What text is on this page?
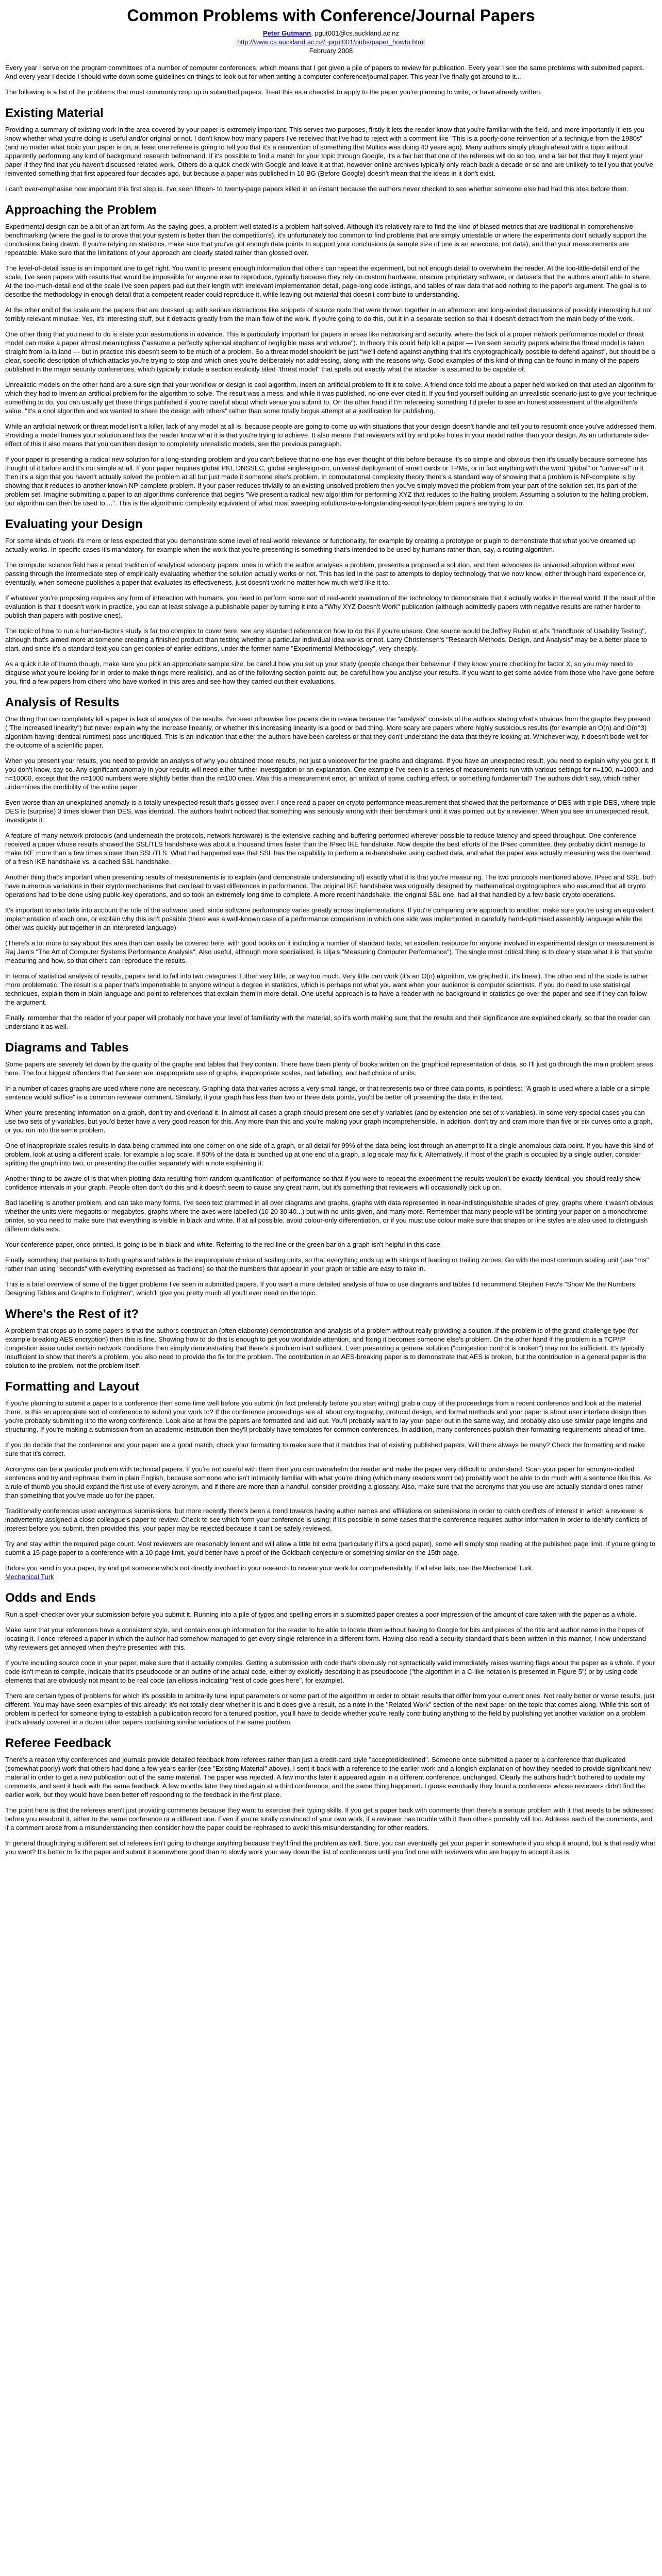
Common Problems with Conference/Journal Papers
Peter Gutmann, pgut001@cs.auckland.ac.nz
http://www.cs.auckland.ac.nz/~pgut001/pubs/paper_howto.html
February 2008

Every year I serve on the program committees of a number of computer conferences, which means that I get given a pile of papers to review for publication. Every year I see the same problems with submitted papers. And every year I decide I should write down some guidelines on things to look out for when writing a computer conference/journal paper. This year I've finally got around to it...

The following is a list of the problems that most commonly crop up in submitted papers. Treat this as a checklist to apply to the paper you're planning to write, or have already written.

Existing Material

Providing a summary of existing work in the area covered by your paper is extremely important. This serves two purposes, firstly it lets the reader know that you're familiar with the field, and more importantly it lets you know whether what you're doing is useful and/or original or not. I don't know how many papers I've received that I've had to reject with a comment like "This is a poorly-done reinvention of a technique from the 1980s" (and no matter what topic your paper is on, at least one referee is going to tell you that it's a reinvention of something that Multics was doing 40 years ago). Many authors simply plough ahead with a topic without apparently performing any kind of background research beforehand. If it's possible to find a match for your topic through Google, it's a fair bet that one of the referees will do so too, and a fair bet that they'll reject your paper if they find that you haven't discussed related work. Others do a quick check with Google and leave it at that, however online archives typically only reach back a decade or so and are unlikely to tell you that you've reinvented something that first appeared four decades ago, but because a paper was published in 10 BG (Before Google) doesn't mean that the ideas in it don't exist.

I can't over-emphasise how important this first step is. I've seen fifteen- to twenty-page papers killed in an instant because the authors never checked to see whether someone else had had this idea before them.

Approaching the Problem

Experimental design can be a bit of an art form. As the saying goes, a problem well stated is a problem half solved. Although it's relatively rare to find the kind of biased metrics that are traditional in comprehensive benchmarking (where the goal is to prove that your system is better than the competition's), it's unfortunately too common to find problems that are simply untestable or where the experiments don't actually support the conclusions being drawn. If you're relying on statistics, make sure that you've got enough data points to support your conclusions (a sample size of one is an anecdote, not data), and that your measurements are repeatable. Make sure that the limitations of your approach are clearly stated rather than glossed over.

The level-of-detail issue is an important one to get right. You want to present enough information that others can repeat the experiment, but not enough detail to overwhelm the reader. At the too-little-detail end of the scale, I've seen papers with results that would be impossible for anyone else to reproduce, typically because they rely on custom hardware, obscure proprietary software, or datasets that the authors aren't able to share. At the too-much-detail end of the scale I've seen papers pad out their length with irrelevant implementation detail, page-long code listings, and tables of raw data that add nothing to the paper's argument. The goal is to describe the methodology in enough detail that a competent reader could reproduce it, while leaving out material that doesn't contribute to understanding.

At the other end of the scale are the papers that are dressed up with serious distractions like snippets of source code that were thrown together in an afternoon and long-winded discussions of possibly interesting but not terribly relevant minutiae. Yes, it's interesting stuff, but it detracts greatly from the main flow of the work. If you're going to do this, put it in a separate section so that it doesn't detract from the main body of the work.

One other thing that you need to do is state your assumptions in advance. This is particularly important for papers in areas like networking and security, where the lack of a proper network performance model or threat model can make a paper almost meaningless ("assume a perfectly spherical elephant of negligible mass and volume"). In theory this could help kill a paper — I've seen security papers where the threat model is taken straight from la-la land — but in practice this doesn't seem to be much of a problem. So a threat model shouldn't be just "we'll defend against anything that it's cryptographically possible to defend against", but should be a clear, specific description of which attacks you're trying to stop and which ones you're deliberately not addressing, along with the reasons why. Good examples of this kind of thing can be found in many of the papers published in the major security conferences, which typically include a section explicitly titled "threat model" that spells out exactly what the attacker is assumed to be capable of.

Unrealistic models on the other hand are a sure sign that your workflow or design is cool algorithm, insert an artificial problem to fit it to solve. A friend once told me about a paper he'd worked on that used an algorithm for which they had to invent an artificial problem for the algorithm to solve. The result was a mess, and while it was published, no-one ever cited it. If you find yourself building an unrealistic scenario just to give your technique something to do, you can usually get these things published if you're careful about which venue you submit to. On the other hand if I'm refereeing something I'd prefer to see an honest assessment of the algorithm's value. "It's a cool algorithm and we wanted to share the design with others" rather than some totally bogus attempt at a justification for publishing.

While an artificial network or threat model isn't a killer, lack of any model at all is, because people are going to come up with situations that your design doesn't handle and tell you to resubmit once you've addressed them. Providing a model frames your solution and lets the reader know what it is that you're trying to achieve. It also means that reviewers will try and poke holes in your model rather than your design. As an unfortunate side-effect of this it also means that you can then design to completely unrealistic models, see the previous paragraph.

If your paper is presenting a radical new solution for a long-standing problem and you can't believe that no-one has ever thought of this before because it's so simple and obvious then it's usually because someone has thought of it before and it's not simple at all. If your paper requires global PKI, DNSSEC, global single-sign-on, universal deployment of smart cards or TPMs, or in fact anything with the word "global" or "universal" in it then it's a sign that you haven't actually solved the problem at all but just made it someone else's problem. In computational complexity theory there's a standard way of showing that a problem is NP-complete is by showing that it reduces to another known NP-complete problem. If your paper reduces trivially to an existing unsolved problem then you've simply moved the problem from your part of the solution set, it's part of the problem set. Imagine submitting a paper to an algorithms conference that begins "We present a radical new algorithm for performing XYZ that reduces to the halting problem. Assuming a solution to the halting problem, our algorithm can then be used to ...". This is the algorithmic complexity equivalent of what most sweeping solutions-to-a-longstanding-security-problem papers are trying to do.

Evaluating your Design

For some kinds of work it's more or less expected that you demonstrate some level of real-world relevance or functionality, for example by creating a prototype or plugin to demonstrate that what you've dreamed up actually works. In specific cases it's mandatory, for example when the work that you're presenting is something that's intended to be used by humans rather than, say, a routing algorithm.

The computer science field has a proud tradition of analytical advocacy papers, ones in which the author analyses a problem, presents a proposed a solution, and then advocates its universal adoption without ever passing through the intermediate step of empirically evaluating whether the solution actually works or not. This has led in the past to attempts to deploy technology that we now know, either through hard experience or, eventually, when someone publishes a paper that evaluates its effectiveness, just doesn't work no matter how much we'd like it to.

If whatever you're proposing requires any form of interaction with humans, you need to perform some sort of real-world evaluation of the technology to demonstrate that it actually works in the real world. If the result of the evaluation is that it doesn't work in practice, you can at least salvage a publishable paper by turning it into a "Why XYZ Doesn't Work" publication (although admittedly papers with negative results are rather harder to publish than papers with positive ones).

The topic of how to run a human-factors study is far too complex to cover here, see any standard reference on how to do this if you're unsure. One source would be Jeffrey Rubin et al's "Handbook of Usability Testing", although that's aimed more at someone creating a finished product than testing whether a particular individual idea works or not. Larry Christensen's "Research Methods, Design, and Analysis" may be a better place to start, and since it's a standard text you can get copies of earlier editions, under the former name "Experimental Methodology", very cheaply.

As a quick rule of thumb though, make sure you pick an appropriate sample size, be careful how you set up your study (people change their behaviour if they know you're checking for factor X, so you may need to disguise what you're looking for in order to make things more realistic), and as of the following section points out, be careful how you analyse your results. If you want to get some advice from those who have gone before you, find a few papers from others who have worked in this area and see how they carried out their evaluations.

Analysis of Results

One thing that can completely kill a paper is lack of analysis of the results. I've seen otherwise fine papers die in review because the "analysis" consists of the authors stating what's obvious from the graphs they present ("The increased linearity") but never explain why the increase linearity, or whether this increasing linearity is a good or bad thing. More scary are papers where highly suspicious results (for example an O(n) and O(n^3) algorithm having identical runtimes) pass uncritiqued. This is an indication that either the authors have been careless or that they don't understand the data that they're looking at. Whichever way, it doesn't bode well for the outcome of a scientific paper.

When you present your results, you need to provide an analysis of why you obtained those results, not just a voiceover for the graphs and diagrams. If you have an unexpected result, you need to explain why you got it. If you don't know, say so. Any significant anomaly in your results will need either further investigation or an explanation. One example I've seen is a series of measurements run with various settings for n=100, n=1000, and n=10000, except that the n=1000 numbers were slightly better than the n=100 ones. Was this a measurement error, an artifact of some caching effect, or something fundamental? The authors didn't say, which rather undermines the credibility of the entire paper.

Even worse than an unexplained anomaly is a totally unexpected result that's glossed over. I once read a paper on crypto performance measurement that showed that the performance of DES with triple DES, where triple DES is (surprise) 3 times slower than DES, was identical. The authors hadn't noticed that something was seriously wrong with their benchmark until it was pointed out by a reviewer. When you see an unexpected result, investigate it.

A feature of many network protocols (and underneath the protocols, network hardware) is the extensive caching and buffering performed wherever possible to reduce latency and speed throughput. One conference received a paper whose results showed the SSL/TLS handshake was about a thousand times faster than the IPsec IKE handshake. Now despite the best efforts of the IPsec committee, they probably didn't manage to make IKE more than a few times slower than SSL/TLS. What had happened was that SSL has the capability to perform a re-handshake using cached data, and what the paper was actually measuring was the overhead of a fresh IKE handshake vs. a cached SSL handshake.

Another thing that's important when presenting results of measurements is to explain (and demonstrate understanding of) exactly what it is that you're measuring. The two protocols mentioned above, IPsec and SSL, both have numerous variations in their crypto mechanisms that can lead to vast differences in performance. The original IKE handshake was originally designed by mathematical cryptographers who assumed that all crypto operations had to be done using public-key operations, and so took an extremely long time to complete. A more recent handshake, the original SSL one, had all that handled by a few basic crypto operations.

It's important to also take into account the role of the software used, since software performance varies greatly across implementations. If you're comparing one approach to another, make sure you're using an equivalent implementation of each one, or explain why this isn't possible (there was a well-known case of a performance comparison in which one side was implemented in carefully hand-optimised assembly language while the other was quickly put together in an interpreted language).

(There's a lot more to say about this area than can easily be covered here, with good books on it including a number of standard texts; an excellent resource for anyone involved in experimental design or measurement is Raj Jain's "The Art of Computer Systems Performance Analysis". Also useful, although more specialised, is Lilja's "Measuring Computer Performance"). The single most critical thing is to clearly state what it is that you're measuring and how, so that others can reproduce the results.

In terms of statistical analysis of results, papers tend to fall into two categories: Either very little, or way too much. Very little can work (it's an O(n) algorithm, we graphed it, it's linear). The other end of the scale is rather more problematic. The result is a paper that's impenetrable to anyone without a degree in statistics, which is perhaps not what you want when your audience is computer scientists. If you do need to use statistical techniques, explain them in plain language and point to references that explain them in more detail. One useful approach is to have a reader with no background in statistics go over the paper and see if they can follow the argument.

Finally, remember that the reader of your paper will probably not have your level of familiarity with the material, so it's worth making sure that the results and their significance are explained clearly, so that the reader can understand it as well.

Diagrams and Tables

Some papers are severely let down by the quality of the graphs and tables that they contain. There have been plenty of books written on the graphical representation of data, so I'll just go through the main problem areas here. The four biggest offenders that I've seen are inappropriate use of graphs, inappropriate scales, bad labelling, and bad choice of units.

In a number of cases graphs are used where none are necessary. Graphing data that varies across a very small range, or that represents two or three data points, is pointless: "A graph is used where a table or a simple sentence would suffice" is a common reviewer comment. Similarly, if your graph has less than two or three data points, you'd be better off presenting the data in the text.

When you're presenting information on a graph, don't try and overload it. In almost all cases a graph should present one set of y-variables (and by extension one set of x-variables). In some very special cases you can use two sets of y-variables, but you'd better have a very good reason for this. Any more than this and you're making your graph incomprehensible. In addition, don't try and cram more than five or six curves onto a graph, or you run into the same problem.

One of inappropriate scales results in data being crammed into one corner on one side of a graph, or all detail for 99% of the data being lost through an attempt to fit a single anomalous data point. If you have this kind of problem, look at using a different scale, for example a log scale. If 90% of the data is bunched up at one end of a graph, a log scale may fix it. Alternatively, if most of the graph is occupied by a single outlier, consider splitting the graph into two, or presenting the outlier separately with a note explaining it.

Another thing to be aware of is that when plotting data resulting from random quantification of performance so that if you were to repeat the experiment the results wouldn't be exactly identical, you should really show confidence intervals in your graph. People often don't do this and it doesn't seem to cause any great harm, but it's something that reviewers will occasionally pick up on.

Bad labelling is another problem, and can take many forms. I've seen text crammed in all over diagrams and graphs, graphs with data represented in near-indistinguishable shades of grey, graphs where it wasn't obvious whether the units were megabits or megabytes, graphs where the axes were labelled (10 20 30 40...) but with no units given, and many more. Remember that many people will be printing your paper on a monochrome printer, so you need to make sure that everything is visible in black and white. If at all possible, avoid colour-only differentiation, or if you must use colour make sure that shapes or line styles are also used to distinguish different data sets.

Your conference paper, once printed, is going to be in black-and-white. Referring to the red line or the green bar on a graph isn't helpful in this case.

Finally, something that pertains to both graphs and tables is the inappropriate choice of scaling units, so that everything ends up with strings of leading or trailing zeroes. Go with the most common scaling unit (use "ms" rather than using "seconds" with everything expressed as fractions) so that the numbers that appear in your graph or table are easy to take in.

This is a brief overview of some of the bigger problems I've seen in submitted papers. If you want a more detailed analysis of how to use diagrams and tables I'd recommend Stephen Few's "Show Me the Numbers: Designing Tables and Graphs to Enlighten", which'll give you pretty much all you'll ever need on the topic.

Where's the Rest of it?

A problem that crops up in some papers is that the authors construct an (often elaborate) demonstration and analysis of a problem without really providing a solution. If the problem is of the grand-challenge type (for example breaking AES encryption) then this is fine. Showing how to do this is enough to get you worldwide attention, and fixing it becomes someone else's problem. On the other hand if the problem is a TCP/IP congestion issue under certain network conditions then simply demonstrating that there's a problem isn't sufficient. Even presenting a general solution ("congestion control is broken") may not be sufficient. It's typically insufficient to show that there's a problem, you also need to provide the fix for the problem. The contribution in an AES-breaking paper is to demonstrate that AES is broken, but the contribution in a general paper is the solution to the problem, not the problem itself.

Formatting and Layout

If you're planning to submit a paper to a conference then some time well before you submit (in fact preferably before you start writing) grab a copy of the proceedings from a recent conference and look at the material there. Is this an appropriate sort of conference to submit your work to? If the conference proceedings are all about cryptography, protocol design, and formal methods and your paper is about user interface design then you're probably submitting it to the wrong conference. Look also at how the papers are formatted and laid out. You'll probably want to lay your paper out in the same way, and probably also use similar page lengths and structuring. If you're making a submission from an academic institution then they'll probably have templates for common conferences. In addition, many conferences publish their formatting requirements ahead of time.

If you do decide that the conference and your paper are a good match, check your formatting to make sure that it matches that of existing published papers. Will there always be many? Check the formatting and make sure that it's correct.

Acronyms can be a particular problem with technical papers. If you're not careful with them then you can overwhelm the reader and make the paper very difficult to understand. Scan your paper for acronym-riddled sentences and try and rephrase them in plain English, because someone who isn't intimately familiar with what you're doing (which many readers won't be) probably won't be able to do much with a sentence like this. As a rule of thumb you should expand the first use of every acronym, and if there are more than a handful, consider providing a glossary. Also, make sure that the acronyms that you use are actually standard ones rather than something that you've made up for the paper.

Traditionally conferences used anonymous submissions, but more recently there's been a trend towards having author names and affiliations on submissions in order to catch conflicts of interest in which a reviewer is inadvertently assigned a close colleague's paper to review. Check to see which form your conference is using; if it's possible in some cases that the conference requires author information in order to identify conflicts of interest before you submit, then provided this, your paper may be rejected because it can't be safely reviewed.

Try and stay within the required page count. Most reviewers are reasonably lenient and will allow a little bit extra (particularly if it's a good paper), some will simply stop reading at the published page limit. If you're going to submit a 15-page paper to a conference with a 10-page limit, you'd better have a proof of the Goldbach conjecture or something similar on the 15th page.

Before you send in your paper, try and get someone who's not directly involved in your research to review your work for comprehensibility. If all else fails, use the Mechanical Turk.

Mechanical Turk

Odds and Ends

Run a spell-checker over your submission before you submit it. Running into a pile of typos and spelling errors in a submitted paper creates a poor impression of the amount of care taken with the paper as a whole.

Make sure that your references have a consistent style, and contain enough information for the reader to be able to locate them without having to Google for bits and pieces of the title and author name in the hopes of locating it. I once refereed a paper in which the author had somehow managed to get every single reference in a different form. Having also read a security standard that's been written in this manner, I now understand why reviewers get annoyed when they're presented with this.

If you're including source code in your paper, make sure that it actually compiles. Getting a submission with code that's obviously not syntactically valid immediately raises warning flags about the paper as a whole. If your code isn't mean to compile, indicate that it's pseudocode or an outline of the actual code, either by explicitly describing it as pseudocode ("the algorithm in a C-like notation is presented in Figure 5") or by using code elements that are obviously not meant to be real code (an ellipsis indicating "rest of code goes here", for example).

There are certain types of problems for which it's possible to arbitrarily tune input parameters or some part of the algorithm in order to obtain results that differ from your current ones. Not really better or worse results, just different. You may have seen examples of this already: it's not totally clear whether it is and it does give a result, as a note in the "Related Work" section of the next paper on the topic that comes along. While this sort of problem is perfect for someone trying to establish a publication record for a tenured position, you'll have to decide whether you're really contributing anything to the field by publishing yet another variation on a problem that's already covered in a dozen other papers containing similar variations of the same problem.

Referee Feedback

There's a reason why conferences and journals provide detailed feedback from referees rather than just a credit-card style "accepted/declined". Someone once submitted a paper to a conference that duplicated (somewhat poorly) work that others had done a few years earlier (see "Existing Material" above). I sent it back with a reference to the earlier work and a longish explanation of how they needed to provide significant new material in order to get a new publication out of the same material. The paper was rejected. A few months later it appeared again in a different conference, unchanged. Clearly the authors hadn't bothered to update my comments, and sent it back with the same feedback. A few months later they tried again at a third conference, and the same thing happened. I guess eventually they found a conference whose reviewers didn't find the earlier work, but they would have been better off responding to the feedback in the first place.

The point here is that the referees aren't just providing comments because they want to exercise their typing skills. If you get a paper back with comments then there's a serious problem with it that needs to be addressed before you resubmit it, either to the same conference or a different one. Even if you're totally convinced of your own work, if a reviewer has trouble with it then others probably will too. Address each of the comments, and if a comment arose from a misunderstanding then consider how the paper could be rephrased to avoid this misunderstanding for other readers.

In general though trying a different set of referees isn't going to change anything because they'll find the problem as well. Sure, you can eventually get your paper in somewhere if you shop it around, but is that really what you want? It's better to fix the paper and submit it somewhere good than to slowly work your way down the list of conferences until you find one with reviewers who are happy to accept it as is.
